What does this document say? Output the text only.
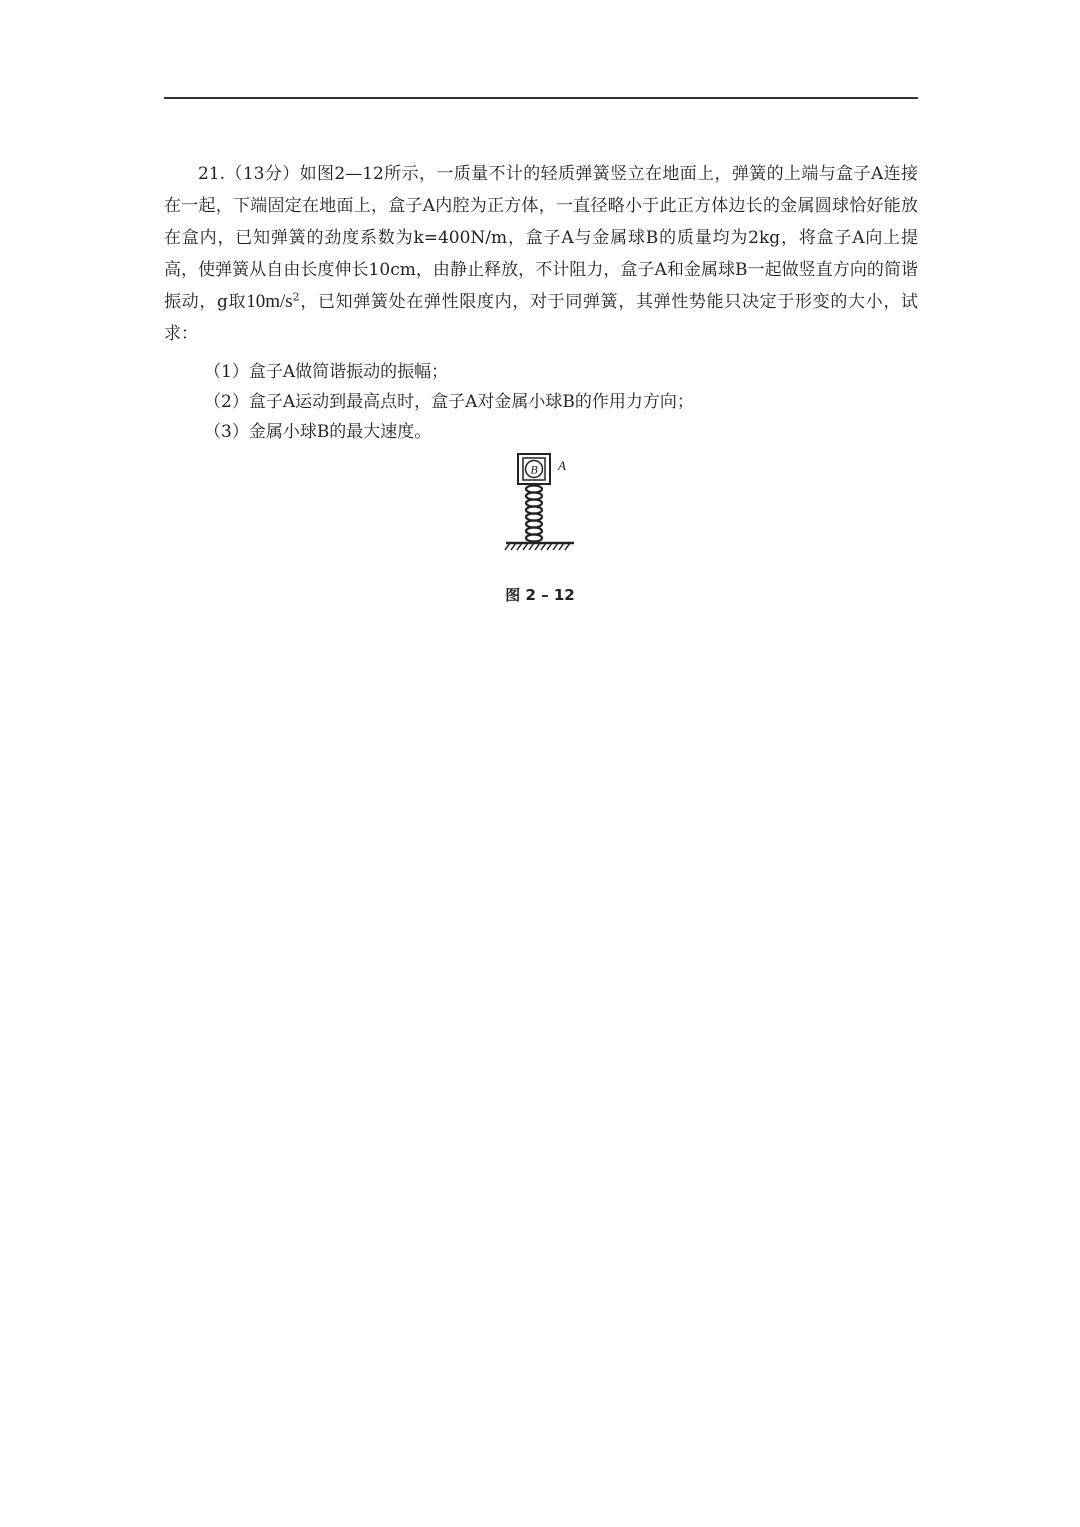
21.（13分）如图2—12所示，一质量不计的轻质弹簧竖立在地面上，弹簧的上端与盒子A连接在一起，下端固定在地面上，盒子A内腔为正方体，一直径略小于此正方体边长的金属圆球恰好能放在盒内，已知弹簧的劲度系数为k=400N/m，盒子A与金属球B的质量均为2kg，将盒子A向上提高，使弹簧从自由长度伸长10cm，由静止释放，不计阻力，盒子A和金属球B一起做竖直方向的简谐振动，g取$10m/s^2$，已知弹簧处在弹性限度内，对于同弹簧，其弹性势能只决定于形变的大小，试求：
（1）盒子A做简谐振动的振幅；
（2）盒子A运动到最高点时，盒子A对金属小球B的作用力方向；
（3）金属小球B的最大速度。
B A
图 2 – 12
